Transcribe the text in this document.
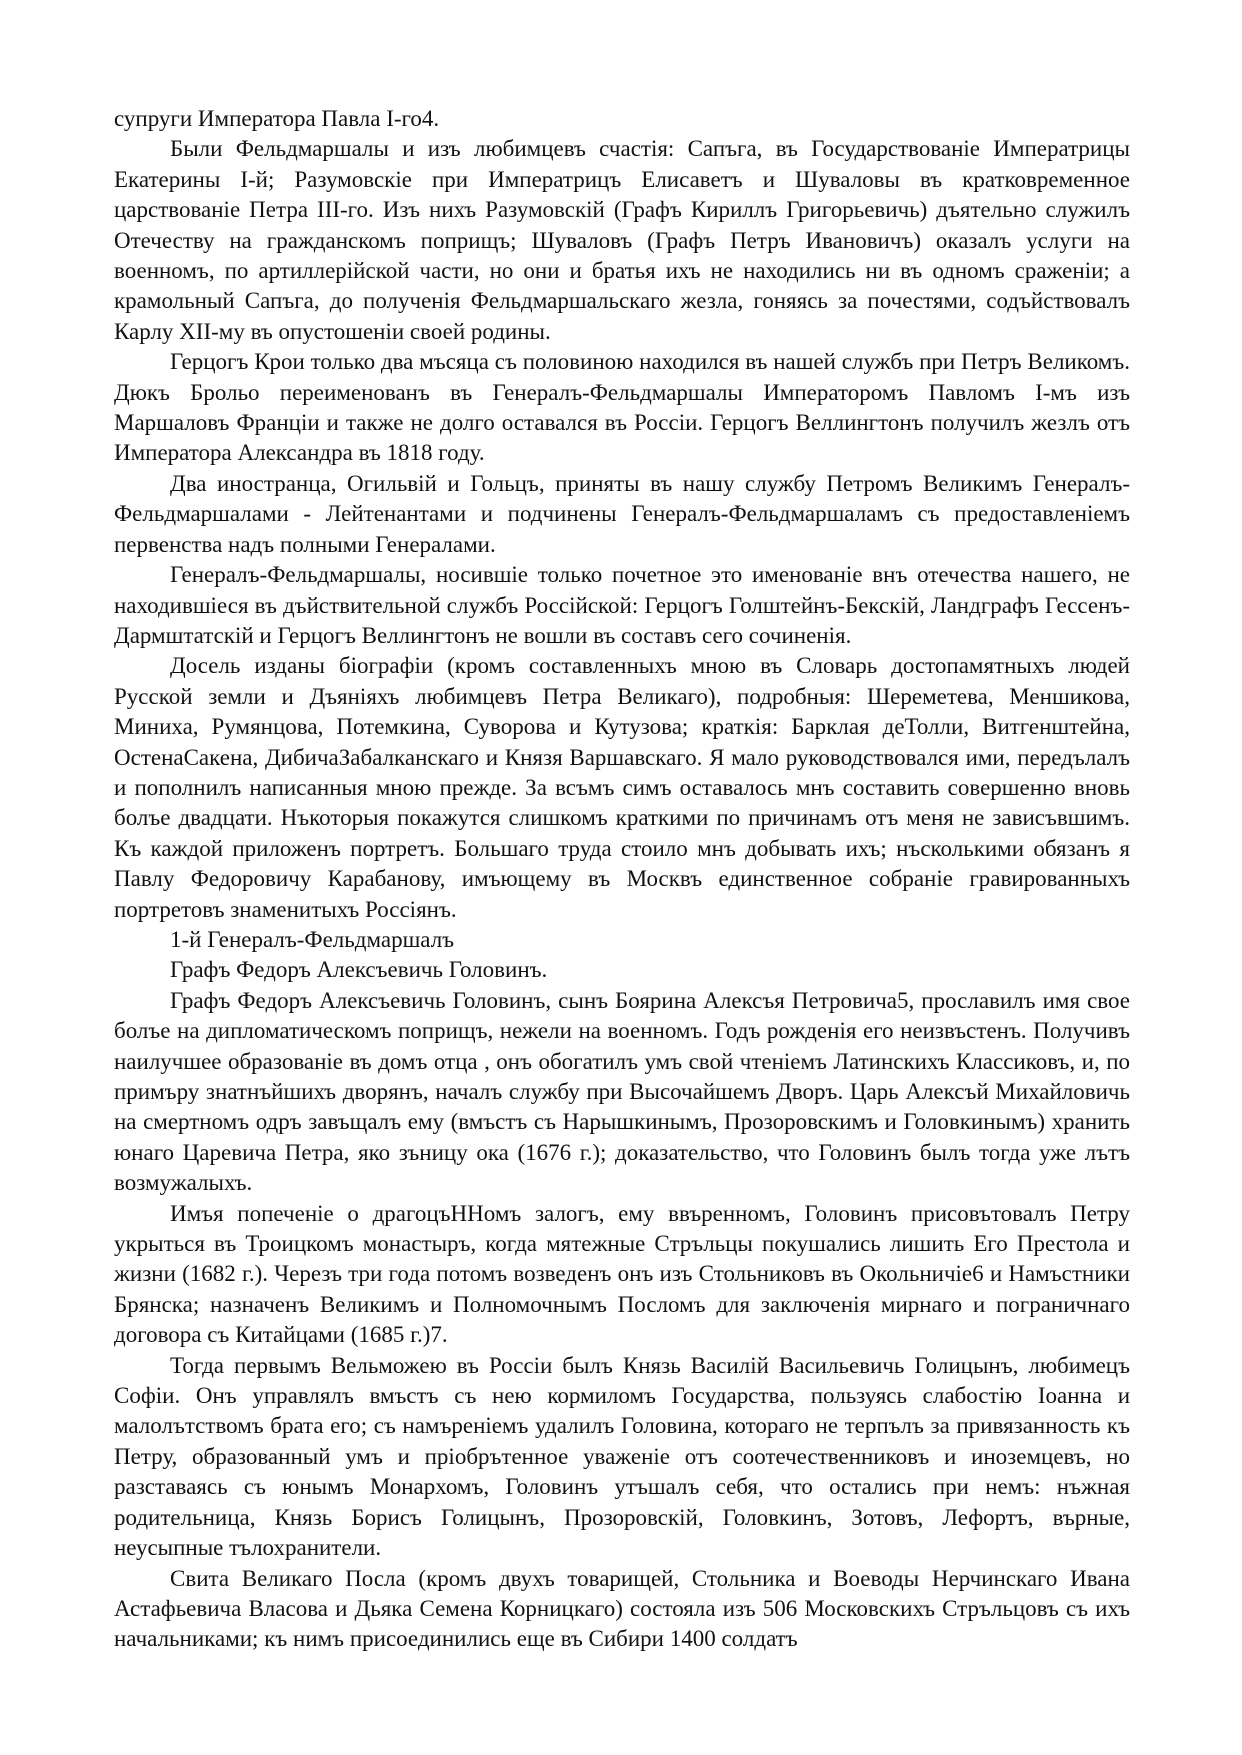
супруги Императора Павла I-го4.

Были Фельдмаршалы и изъ любимцевъ счастія: Сапъга, въ Государствованіе Императрицы Екатерины I-й; Разумовскіе при Императрицъ Елисаветъ и Шуваловы въ кратковременное царствованіе Петра III-го. Изъ нихъ Разумовскій (Графъ Кириллъ Григорьевичь) дъятельно служилъ Отечеству на гражданскомъ поприщъ; Шуваловъ (Графъ Петръ Ивановичъ) оказалъ услуги на военномъ, по артиллерійской части, но они и братья ихъ не находились ни въ одномъ сраженіи; а крамольный Сапъга, до полученія Фельдмаршальскаго жезла, гоняясь за почестями, содъйствовалъ Карлу XII-му въ опустошеніи своей родины.

Герцогъ Крои только два мъсяца съ половиною находился въ нашей службъ при Петръ Великомъ. Дюкъ Брольо переименованъ въ Генералъ-Фельдмаршалы Императоромъ Павломъ I-мъ изъ Маршаловъ Франціи и также не долго оставался въ Россіи. Герцогъ Веллингтонъ получилъ жезлъ отъ Императора Александра въ 1818 году.

Два иностранца, Огильвій и Гольцъ, приняты въ нашу службу Петромъ Великимъ Генералъ-Фельдмаршалами - Лейтенантами и подчинены Генералъ-Фельдмаршаламъ съ предоставленіемъ первенства надъ полными Генералами.

Генералъ-Фельдмаршалы, носившіе только почетное это именованіе внъ отечества нашего, не находившіеся въ дъйствительной службъ Россійской: Герцогъ Голштейнъ-Бекскій, Ландграфъ Гессенъ-Дармштатскій и Герцогъ Веллингтонъ не вошли въ составъ сего сочиненія.

Досель изданы біографіи (кромъ составленныхъ мною въ Словарь достопамятныхъ людей Русской земли и Дъяніяхъ любимцевъ Петра Великаго), подробныя: Шереметева, Меншикова, Миниха, Румянцова, Потемкина, Суворова и Кутузова; краткія: Барклая деТолли, Витгенштейна, ОстенаСакена, ДибичаЗабалканскаго и Князя Варшавскаго. Я мало руководствовался ими, передълалъ и пополнилъ написанныя мною прежде. За всъмъ симъ оставалось мнъ составить совершенно вновь болъе двадцати. Нъкоторыя покажутся слишкомъ краткими по причинамъ отъ меня не зависъвшимъ. Къ каждой приложенъ портретъ. Большаго труда стоило мнъ добывать ихъ; нъсколькими обязанъ я Павлу Федоровичу Карабанову, имъющему въ Москвъ единственное собраніе гравированныхъ портретовъ знаменитыхъ Россіянъ.

1-й Генералъ-Фельдмаршалъ

Графъ Федоръ Алексъевичь Головинъ.

Графъ Федоръ Алексъевичь Головинъ, сынъ Боярина Алексъя Петровича5, прославилъ имя свое болъе на дипломатическомъ поприщъ, нежели на военномъ. Годъ рожденія его неизвъстенъ. Получивъ наилучшее образованіе въ домъ отца , онъ обогатилъ умъ свой чтеніемъ Латинскихъ Классиковъ, и, по примъру знатнъйшихъ дворянъ, началъ службу при Высочайшемъ Дворъ. Царь Алексъй Михайловичь на смертномъ одръ завъщалъ ему (вмъстъ съ Нарышкинымъ, Прозоровскимъ и Головкинымъ) хранить юнаго Царевича Петра, яко зъницу ока (1676 г.); доказательство, что Головинъ былъ тогда уже лътъ возмужалыхъ.

Имъя попеченіе о драгоцъННомъ залогъ, ему ввъренномъ, Головинъ присовътовалъ Петру укрыться въ Троицкомъ монастыръ, когда мятежные Стръльцы покушались лишить Его Престола и жизни (1682 г.). Черезъ три года потомъ возведенъ онъ изъ Стольниковъ въ Окольничіе6 и Намъстники Брянска; назначенъ Великимъ и Полномочнымъ Посломъ для заключенія мирнаго и пограничнаго договора съ Китайцами (1685 г.)7.

Тогда первымъ Вельможею въ Россіи былъ Князь Василій Васильевичь Голицынъ, любимецъ Софіи. Онъ управлялъ вмъстъ съ нею кормиломъ Государства, пользуясь слабостію Іоанна и малолътствомъ брата его; съ намъреніемъ удалилъ Головина, котораго не терпълъ за привязанность къ Петру, образованный умъ и пріобрътенное уваженіе отъ соотечественниковъ и иноземцевъ, но разставаясь съ юнымъ Монархомъ, Головинъ утъшалъ себя, что остались при немъ: нъжная родительница, Князь Борисъ Голицынъ, Прозоровскій, Головкинъ, Зотовъ, Лефортъ, върные, неусыпные тълохранители.

Свита Великаго Посла (кромъ двухъ товарищей, Стольника и Воеводы Нерчинскаго Ивана Астафьевича Власова и Дьяка Семена Корницкаго) состояла изъ 506 Московскихъ Стръльцовъ съ ихъ начальниками; къ нимъ присоединились еще въ Сибири 1400 солдатъ
